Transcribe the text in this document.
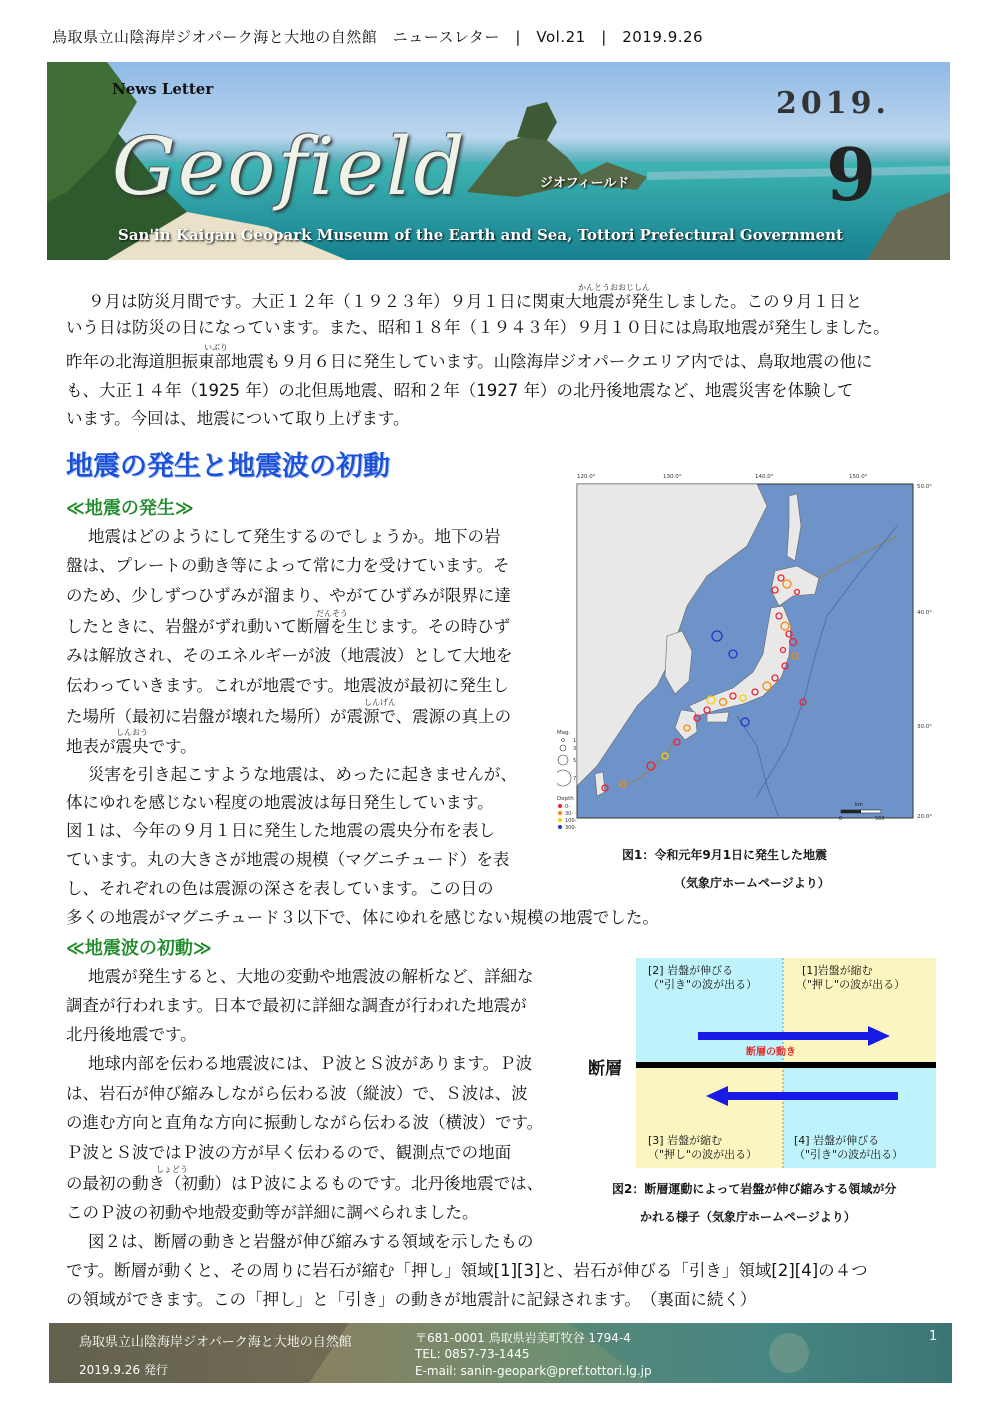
鳥取県立山陰海岸ジオパーク海と大地の自然館　ニュースレター　|　Vol.21　|　2019.9.26
News Letter
Geofield	ジオフィールド
2019.
9
San'in Kaigan Geopark Museum of the Earth and Sea, Tottori Prefectural Government
かんとうおおじしん
いぶり
９月は防災月間です。大正１２年（１９２３年）９月１日に関東大地震が発生しました。この９月１日と
いう日は防災の日になっています。また、昭和１８年（１９４３年）９月１０日には鳥取地震が発生しました。
昨年の北海道胆振東部地震も９月６日に発生しています。山陰海岸ジオパークエリア内では、鳥取地震の他に
も、大正１４年（1925 年）の北但馬地震、昭和２年（1927 年）の北丹後地震など、地震災害を体験して
います。今回は、地震について取り上げます。
地震の発生と地震波の初動
≪地震の発生≫
だんそう
しんげん
しんおう
地震はどのようにして発生するのでしょうか。地下の岩
盤は、プレートの動き等によって常に力を受けています。そ
のため、少しずつひずみが溜まり、やがてひずみが限界に達
したときに、岩盤がずれ動いて断層を生じます。その時ひず
みは解放され、そのエネルギーが波（地震波）として大地を
伝わっていきます。これが地震です。地震波が最初に発生し
た場所（最初に岩盤が壊れた場所）が震源で、震源の真上の
地表が震央です。
災害を引き起こすような地震は、めったに起きませんが、
体にゆれを感じない程度の地震波は毎日発生しています。
図１は、今年の９月１日に発生した地震の震央分布を表し
ています。丸の大きさが地震の規模（マグニチュード）を表
し、それぞれの色は震源の深さを表しています。この日の
多くの地震がマグニチュード３以下で、体にゆれを感じない規模の地震でした。
120.0°	130.0°	140.0°	150.0°
50.0°
40.0°
30.0°
20.0°
Mag.
1
3
5
7
Depth
0-
30-
100-
300-
km
0	500
図1：令和元年9月1日に発生した地震
（気象庁ホームページより）
≪地震波の初動≫
しょどう
地震が発生すると、大地の変動や地震波の解析など、詳細な
調査が行われます。日本で最初に詳細な調査が行われた地震が
北丹後地震です。
地球内部を伝わる地震波には、Ｐ波とＳ波があります。Ｐ波
は、岩石が伸び縮みしながら伝わる波（縦波）で、Ｓ波は、波
の進む方向と直角な方向に振動しながら伝わる波（横波）です。
Ｐ波とＳ波ではＰ波の方が早く伝わるので、観測点での地面
の最初の動き（初動）はＰ波によるものです。北丹後地震では、
このＰ波の初動や地殻変動等が詳細に調べられました。
図２は、断層の動きと岩盤が伸び縮みする領域を示したもの
です。断層が動くと、その周りに岩石が縮む「押し」領域[1][3]と、岩石が伸びる「引き」領域[2][4]の４つ
の領域ができます。この「押し」と「引き」の動きが地震計に記録されます。　（裏面に続く）
断層
断層の動き
[2] 岩盤が伸びる
（"引き"の波が出る）
[1]岩盤が縮む
（"押し"の波が出る）
[3] 岩盤が縮む
（"押し"の波が出る）
[4] 岩盤が伸びる
（"引き"の波が出る）
図2：断層運動によって岩盤が伸び縮みする領域が分
かれる様子（気象庁ホームページより）
鳥取県立山陰海岸ジオパーク海と大地の自然館
2019.9.26 発行
〒681-0001 鳥取県岩美町牧谷 1794-4
TEL: 0857-73-1445
E-mail: sanin-geopark@pref.tottori.lg.jp
1
